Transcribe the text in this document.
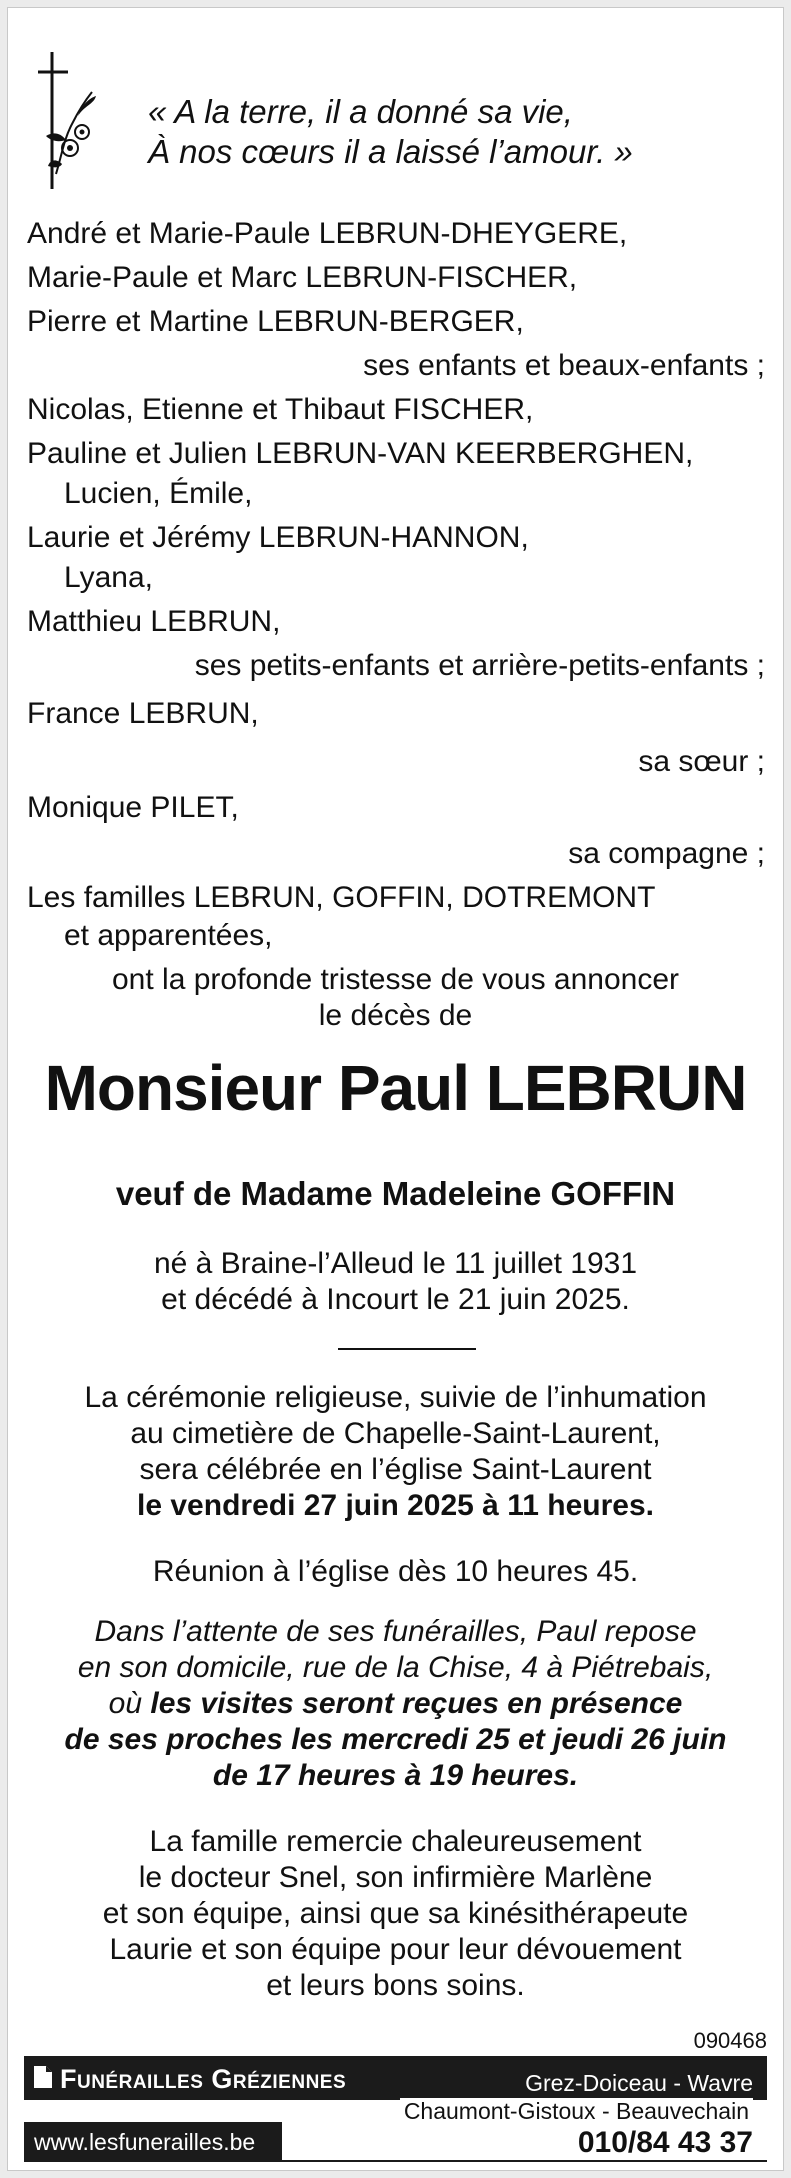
« A la terre, il a donné sa vie,
À nos cœurs il a laissé l’amour. »

André et Marie-Paule LEBRUN-DHEYGERE,

Marie-Paule et Marc LEBRUN-FISCHER,

Pierre et Martine LEBRUN-BERGER,

ses enfants et beaux-enfants ;

Nicolas, Etienne et Thibaut FISCHER,

Pauline et Julien LEBRUN-VAN KEERBERGHEN,

Lucien, Émile,

Laurie et Jérémy LEBRUN-HANNON,

Lyana,

Matthieu LEBRUN,

ses petits-enfants et arrière-petits-enfants ;

France LEBRUN,

sa sœur ;

Monique PILET,

sa compagne ;

Les familles LEBRUN, GOFFIN, DOTREMONT

et apparentées,

ont la profonde tristesse de vous annoncer

le décès de

Monsieur Paul LEBRUN
veuf de Madame Madeleine GOFFIN

né à Braine-l’Alleud le 11 juillet 1931

et décédé à Incourt le 21 juin 2025.

La cérémonie religieuse, suivie de l’inhumation

au cimetière de Chapelle-Saint-Laurent,

sera célébrée en l’église Saint-Laurent

le vendredi 27 juin 2025 à 11 heures.

Réunion à l’église dès 10 heures 45.

Dans l’attente de ses funérailles, Paul repose

en son domicile, rue de la Chise, 4 à Piétrebais,

où les visites seront reçues en présence

de ses proches les mercredi 25 et jeudi 26 juin

de 17 heures à 19 heures.

La famille remercie chaleureusement

le docteur Snel, son infirmière Marlène

et son équipe, ainsi que sa kinésithérapeute

Laurie et son équipe pour leur dévouement

et leurs bons soins.

090468
Funérailles Gréziennes	Grez-Doiceau - Wavre
Chaumont-Gistoux - Beauvechain
www.lesfunerailles.be	010/84 43 37
